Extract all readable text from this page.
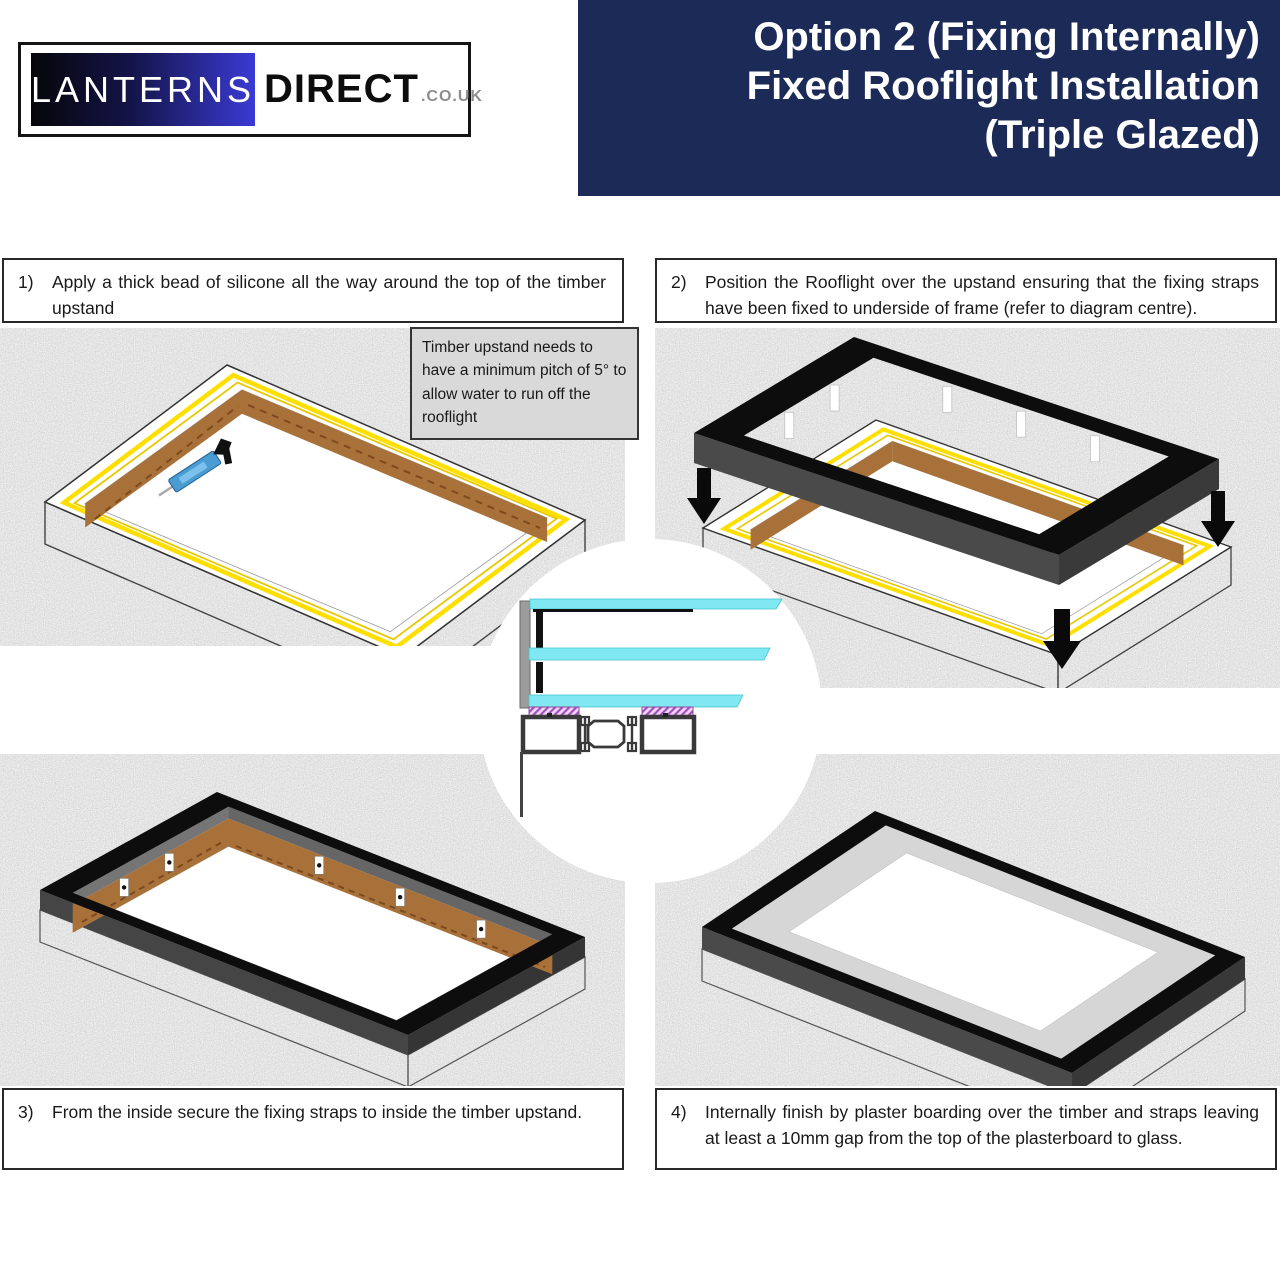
LANTERNS DIRECT .CO.UK
Option 2 (Fixing Internally)
Fixed Rooflight Installation
(Triple Glazed)
1)	Apply a thick bead of silicone all the way around the top of the timber upstand
2)	Position the Rooflight over the upstand ensuring that the fixing straps have been fixed to underside of frame (refer to diagram centre).
3)	From the inside secure the fixing straps to inside the timber upstand.	4)	Internally finish by plaster boarding over the timber and straps leaving at least a 10mm gap from the top of the plasterboard to glass.
Timber upstand needs to have a minimum pitch of 5° to allow water to run off the rooflight
